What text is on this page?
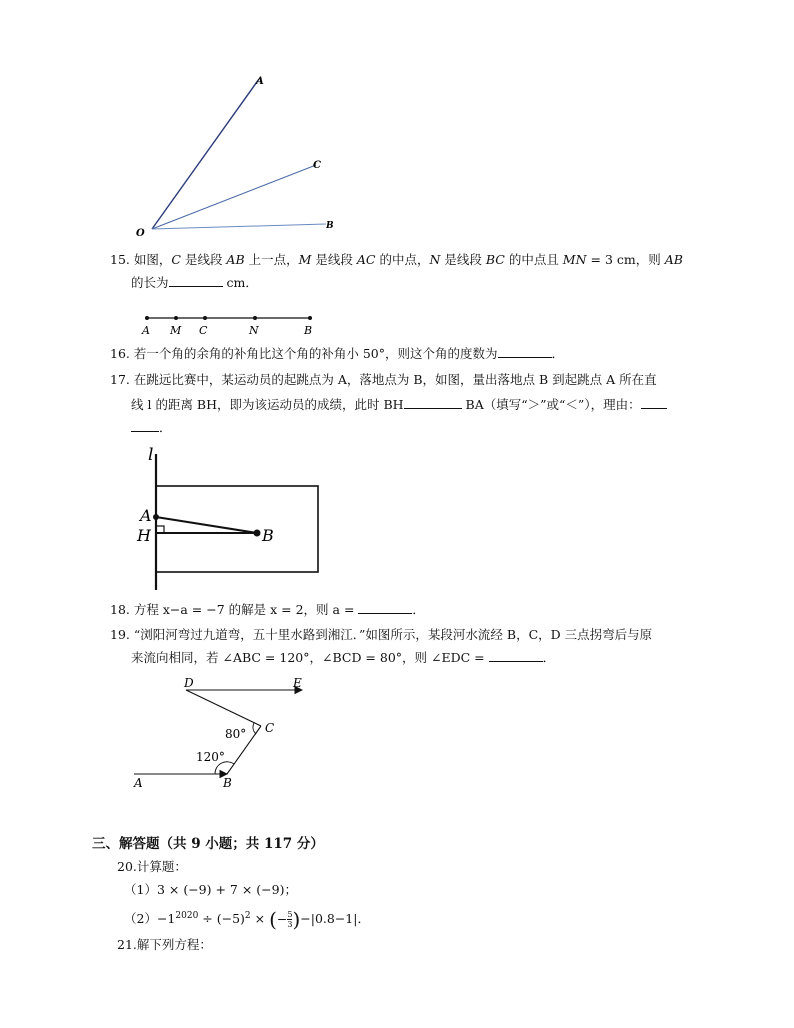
A
C
B
O
15. 如图，C 是线段 AB 上一点，M 是线段 AC 的中点，N 是线段 BC 的中点且 MN = 3 cm，则 AB
的长为	cm．
A M C	N	B
16. 若一个角的余角的补角比这个角的补角小 50°，则这个角的度数为	．
17. 在跳远比赛中，某运动员的起跳点为 A，落地点为 B，如图，量出落地点 B 到起跳点 A 所在直
线 l 的距离 BH，即为该运动员的成绩，此时 BH	BA（填写“＞”或“＜”），理由：
．
l
A
H	B
18. 方程 x−a = −7 的解是 x = 2，则 a =	．
19. “浏阳河弯过九道弯，五十里水路到湘江．”如图所示，某段河水流经 B，C，D 三点拐弯后与原
来流向相同，若 ∠ABC = 120°，∠BCD = 80°，则 ∠EDC =	．
D	E
C
A	B
80°
120°
三、解答题（共 9 小题；共 117 分）
20.计算题：
（1）3 × (−9) + 7 × (−9)；
$(2)-1^{2020} \div (-5)^2$ × (− $\frac{5}{3} )-|0.8-1|$．
21.解下列方程：
